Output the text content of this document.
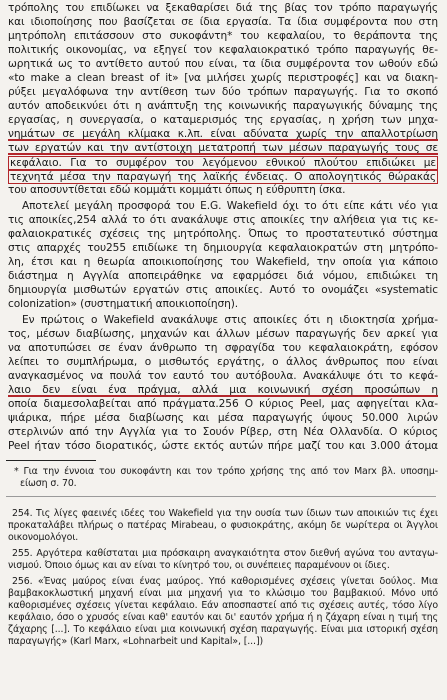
τρόπολης του επιδίωκει να ξεκαθαρίσει διά της βίας τον τρόπο παραγωγής
και ιδιοποίησης που βασίζεται σε ίδια εργασία. Τα ίδια συμφέροντα που στη
μητρόπολη επιτάσσουν στο συκοφάντη* του κεφαλαίου, το θεράποντα της
πολιτικής οικονομίας, να εξηγεί τον κεφαλαιοκρατικό τρόπο παραγωγής θε-
ωρητικά ως το αντίθετο αυτού που είναι, τα ίδια συμφέροντα τον ωθούν εδώ
«to make a clean breast of it» [να μιλήσει χωρίς περιστροφές] και να διακη-
ρύξει μεγαλόφωνα την αντίθεση των δύο τρόπων παραγωγής. Για το σκοπό
αυτόν αποδεικνύει ότι η ανάπτυξη της κοινωνικής παραγωγικής δύναμης της
εργασίας, η συνεργασία, ο καταμερισμός της εργασίας, η χρήση των μηχα-
νημάτων σε μεγάλη κλίμακα κ.λπ. είναι αδύνατα χωρίς την απαλλοτρίωση
των εργατών και την αντίστοιχη μετατροπή των μέσων παραγωγής τους σε
κεφάλαιο. Για το συμφέρον του λεγόμενου εθνικού πλούτου επιδιώκει με
τεχνητά μέσα την παραγωγή της λαϊκής ένδειας. Ο απολογητικός θώρακάς
του αποσυντίθεται εδώ κομμάτι κομμάτι όπως η εύθρυπτη ίσκα.
Αποτελεί μεγάλη προσφορά του E.G. Wakefield όχι το ότι είπε κάτι νέο για
τις αποικίες,254 αλλά το ότι ανακάλυψε στις αποικίες την αλήθεια για τις κε-
φαλαιοκρατικές σχέσεις της μητρόπολης. Όπως το προστατευτικό σύστημα
στις απαρχές του255 επιδίωκε τη δημιουργία κεφαλαιοκρατών στη μητρόπο-
λη, έτσι και η θεωρία αποικιοποίησης του Wakefield, την οποία για κάποιο
διάστημα η Αγγλία αποπειράθηκε να εφαρμόσει διά νόμου, επιδιώκει τη
δημιουργία μισθωτών εργατών στις αποικίες. Αυτό το ονομάζει «systematic
colonization» (συστηματική αποικιοποίηση).
Εν πρώτοις ο Wakefield ανακάλυψε στις αποικίες ότι η ιδιοκτησία χρήμα-
τος, μέσων διαβίωσης, μηχανών και άλλων μέσων παραγωγής δεν αρκεί για
να αποτυπώσει σε έναν άνθρωπο τη σφραγίδα του κεφαλαιοκράτη, εφόσον
λείπει το συμπλήρωμα, ο μισθωτός εργάτης, ο άλλος άνθρωπος που είναι
αναγκασμένος να πουλά τον εαυτό του αυτόβουλα. Ανακάλυψε ότι το κεφά-
λαιο δεν είναι ένα πράγμα, αλλά μια κοινωνική σχέση προσώπων η
οποία διαμεσολαβείται από πράγματα.256 Ο κύριος Peel, μας αφηγείται κλα-
ψιάρικα, πήρε μέσα διαβίωσης και μέσα παραγωγής ύψους 50.000 λιρών
στερλινών από την Αγγλία για το Σουόν Ρίβερ, στη Νέα Ολλανδία. Ο κύριος
Peel ήταν τόσο διορατικός, ώστε εκτός αυτών πήρε μαζί του και 3.000 άτομα
* Για την έννοια του συκοφάντη και τον τρόπο χρήσης της από τον Marx βλ. υποσημ-
είωση σ. 70.
254. Τις λίγες φαεινές ιδέες του Wakefield για την ουσία των ίδιων των αποικιών τις έχει
προκαταλάβει πλήρως ο πατέρας Mirabeau, ο φυσιοκράτης, ακόμη δε νωρίτερα οι Άγγλοι
οικονομολόγοι.
255. Αργότερα καθίσταται μια πρόσκαιρη αναγκαιότητα στον διεθνή αγώνα του ανταγω-
νισμού. Όποιο όμως και αν είναι το κίνητρό του, οι συνέπειες παραμένουν οι ίδιες.
256. «Ένας μαύρος είναι ένας μαύρος. Υπό καθορισμένες σχέσεις γίνεται δούλος. Μια
βαμβακοκλωστική μηχανή είναι μια μηχανή για το κλώσιμο του βαμβακιού. Μόνο υπό
καθορισμένες σχέσεις γίνεται κεφάλαιο. Εάν αποσπαστεί από τις σχέσεις αυτές, τόσο λίγο
κεφάλαιο, όσο ο χρυσός είναι καθ' εαυτόν και δι' εαυτόν χρήμα ή η ζάχαρη είναι η τιμή της
ζάχαρης [...]. Το κεφάλαιο είναι μια κοινωνική σχέση παραγωγής. Είναι μια ιστορική σχέση
παραγωγής» (Karl Marx, «Lohnarbeit und Kapital», [...])
